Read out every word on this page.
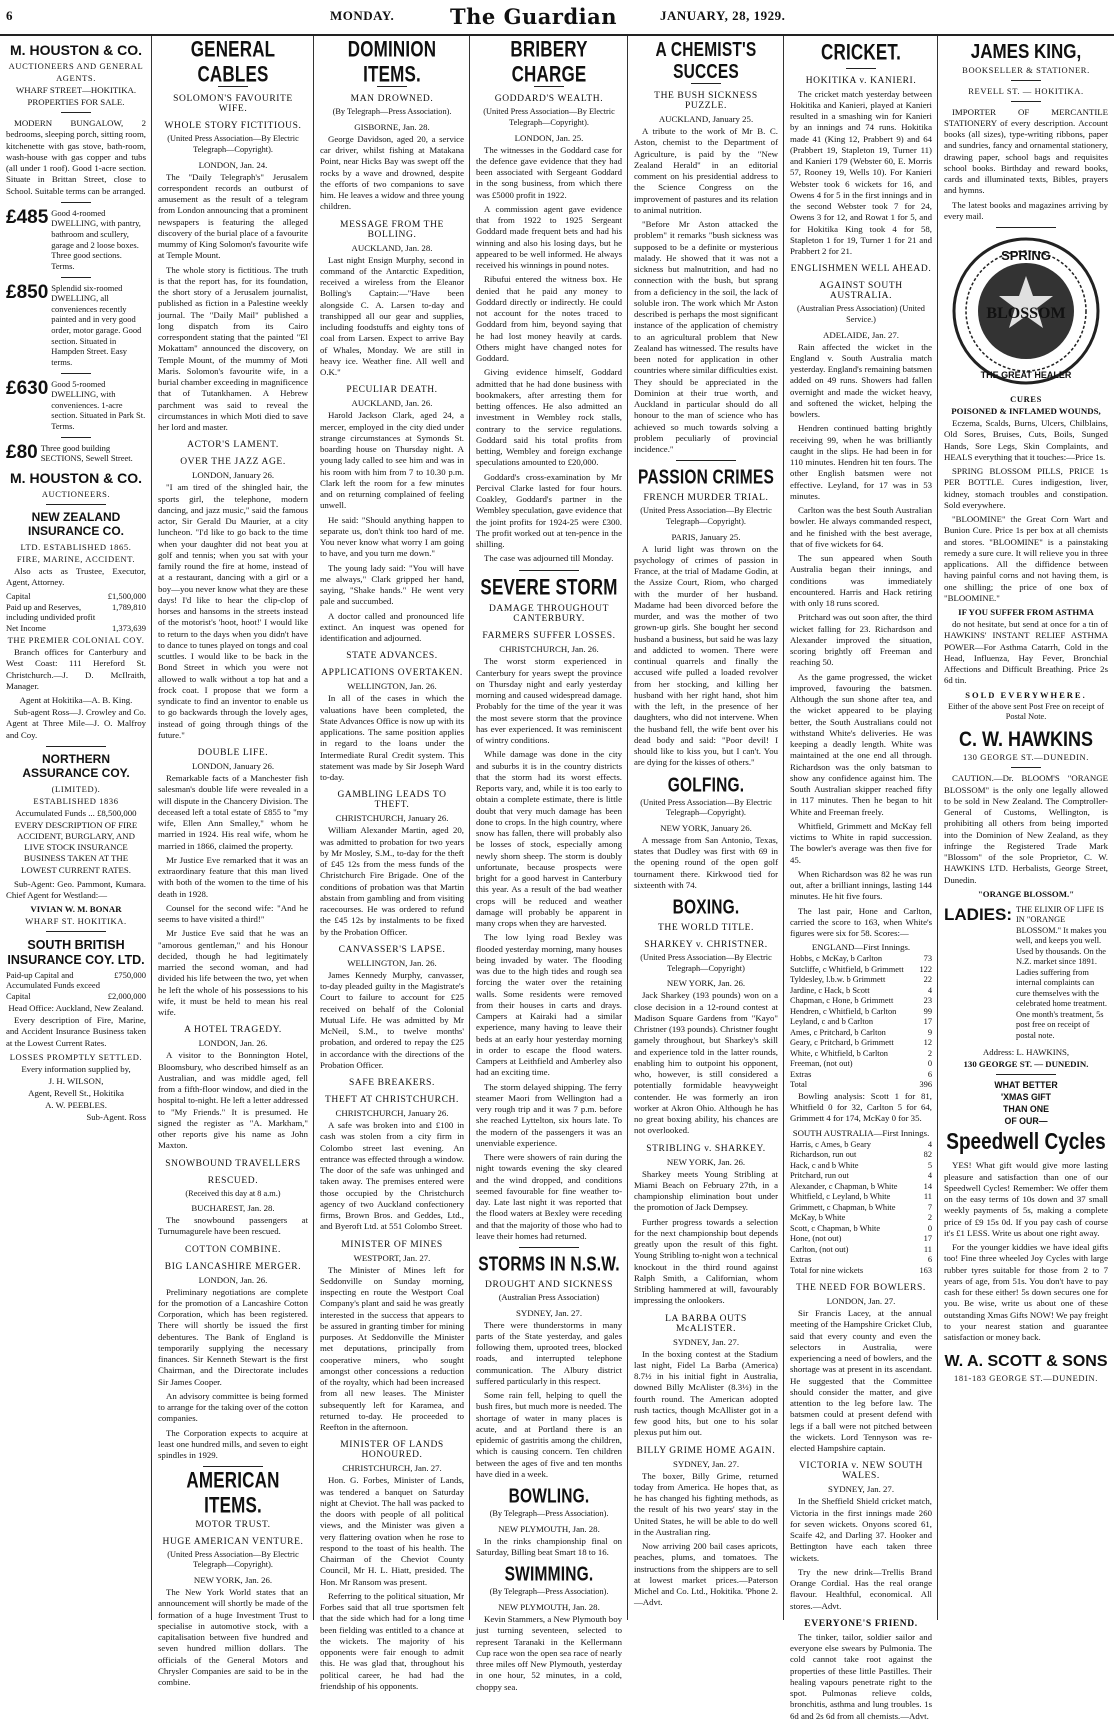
6	MONDAY.	The Guardian	JANUARY, 28, 1929.
M. HOUSTON & CO.
AUCTIONEERS AND GENERAL
AGENTS.
WHARF STREET—HOKITIKA.
PROPERTIES FOR SALE.

MODERN BUNGALOW, 2 bedrooms, sleeping porch, sitting room, kitchenette with gas stove, bath-room, wash-house with gas copper and tubs (all under 1 roof). Good 1-acre section. Situate in Brittan Street, close to School. Suitable terms can be arranged.

£485 Good 4-roomed DWELLING, with pantry, bathroom and scullery, garage and 2 loose boxes. Three good sections. Terms.
£850 Splendid six-roomed DWELLING, all conveniences recently painted and in very good order, motor garage. Good section. Situated in Hampden Street. Easy terms.
£630 Good 5-roomed DWELLING, with conveniences. 1-acre section. Situated in Park St. Terms.
£80 Three good building SECTIONS, Sewell Street.
M. HOUSTON & CO.
AUCTIONEERS.
NEW ZEALAND INSURANCE CO.
LTD. ESTABLISHED 1865.
FIRE, MARINE, ACCIDENT.

Also acts as Trustee, Executor, Agent, Attorney.

Capital	£1,500,000
Paid up and Reserves, including undivided profit
1,789,810
Net Income	1,373,639
THE PREMIER COLONIAL COY.

Branch offices for Canterbury and West Coast: 111 Hereford St. Christchurch.—J. D. McIlraith, Manager.

Agent at Hokitika—A. B. King.

Sub-agent Ross—J. Crowley and Co. Agent at Three Mile—J. O. Malfroy and Coy.

NORTHERN ASSURANCE COY.
(LIMITED).
ESTABLISHED 1836
Accumulated Funds ... £8,500,000

EVERY DESCRIPTION OF FIRE ACCIDENT, BURGLARY, AND LIVE STOCK INSURANCE BUSINESS TAKEN AT THE LOWEST CURRENT RATES.

Sub-Agent: Geo. Pammont, Kumara. Chief Agent for Westland:—

VIVIAN W. M. BONAR
WHARF ST. HOKITIKA.
SOUTH BRITISH INSURANCE COY. LTD.
Paid-up Capital and Accumulated Funds exceed
£750,000
Capital	£2,000,000
Head Office: Auckland, New Zealand.

Every description of Fire, Marine, and Accident Insurance Business taken at the Lowest Current Rates.

LOSSES PROMPTLY SETTLED.
Every information supplied by,
J. H. WILSON,
Agent, Revell St., Hokitika
A. W. PEEBLES.
Sub-Agent. Ross
GENERAL CABLES
SOLOMON'S FAVOURITE WIFE.
WHOLE STORY FICTITIOUS.

(United Press Association—By Electric Telegraph—Copyright).

LONDON, Jan. 24.

The "Daily Telegraph's" Jerusalem correspondent records an outburst of amusement as the result of a telegram from London announcing that a prominent newspapers is featuring the alleged discovery of the burial place of a favourite mummy of King Solomon's favourite wife at Temple Mount.

The whole story is fictitious. The truth is that the report has, for its foundation, the short story of a Jerusalem journalist, published as fiction in a Palestine weekly journal. The "Daily Mail" published a long dispatch from its Cairo correspondent stating that the painted "El Mokattam" announced the discovery, on Temple Mount, of the mummy of Moti Maris. Solomon's favourite wife, in a burial chamber exceeding in magnificence that of Tutankhamen. A Hebrew parchment was said to reveal the circumstances in which Moti died to save her lord and master.

ACTOR'S LAMENT.
OVER THE JAZZ AGE.
LONDON, January 26.

"I am tired of the shingled hair, the sports girl, the telephone, modern dancing, and jazz music," said the famous actor, Sir Gerald Du Maurier, at a city luncheon. "I'd like to go back to the time when your daughter did not beat you at golf and tennis; when you sat with your family round the fire at home, instead of at a restaurant, dancing with a girl or a boy—you never know what they are these days! I'd like to hear the clip-clop of horses and hansoms in the streets instead of the motorist's 'hoot, hoot!' I would like to return to the days when you didn't have to dance to tunes played on tongs and coal scuttles. I would like to be back in the Bond Street in which you were not allowed to walk without a top hat and a frock coat. I propose that we form a syndicate to find an inventor to enable us to go backwards through the lovely ages, instead of going through things of the future."

DOUBLE LIFE.
LONDON, January 26.

Remarkable facts of a Manchester fish salesman's double life were revealed in a will dispute in the Chancery Division. The deceased left a total estate of £855 to "my wife, Ellen Ann Smalley," whom he married in 1924. His real wife, whom he married in 1866, claimed the property.

Mr Justice Eve remarked that it was an extraordinary feature that this man lived with both of the women to the time of his death in 1928.

Counsel for the second wife: "And he seems to have visited a third!"

Mr Justice Eve said that he was an "amorous gentleman," and his Honour decided, though he had legitimately married the second woman, and had divided his life between the two, yet when he left the whole of his possessions to his wife, it must be held to mean his real wife.

A HOTEL TRAGEDY.
LONDON, Jan. 26.

A visitor to the Bonnington Hotel, Bloomsbury, who described himself as an Australian, and was middle aged, fell from a fifth-floor window, and died in the hospital to-night. He left a letter addressed to "My Friends." It is presumed. He signed the register as "A. Markham," other reports give his name as John Maxton.

SNOWBOUND TRAVELLERS
RESCUED.

(Received this day at 8 a.m.)

BUCHAREST, Jan. 28.

The snowbound passengers at Turnumagurele have been rescued.

COTTON COMBINE.
BIG LANCASHIRE MERGER.
LONDON, Jan. 26.

Preliminary negotiations are complete for the promotion of a Lancashire Cotton Corporation, which has been registered. There will shortly be issued the first debentures. The Bank of England is temporarily supplying the necessary finances. Sir Kenneth Stewart is the first Chairman, and the Directorate includes Sir James Cooper.

An advisory committee is being formed to arrange for the taking over of the cotton companies.

The Corporation expects to acquire at least one hundred mills, and seven to eight spindles in 1929.

AMERICAN ITEMS.
MOTOR TRUST.
HUGE AMERICAN VENTURE.

(United Press Association—By Electric Telegraph—Copyright).

NEW YORK, Jan. 26.

The New York World states that an announcement will shortly be made of the formation of a huge Investment Trust to specialise in automotive stock, with a capitalisation between five hundred and seven hundred million dollars. The officials of the General Motors and Chrysler Companies are said to be in the combine.

DOMINION ITEMS.
MAN DROWNED.

(By Telegraph—Press Association).

GISBORNE, Jan. 28.

George Davidson, aged 20, a service car driver, whilst fishing at Matakana Point, near Hicks Bay was swept off the rocks by a wave and drowned, despite the efforts of two companions to save him. He leaves a widow and three young children.

MESSAGE FROM THE BOLLING.
AUCKLAND, Jan. 28.

Last night Ensign Murphy, second in command of the Antarctic Expedition, received a wireless from the Eleanor Bolling's Captain:—"Have been alongside C. A. Larsen to-day and transhipped all our gear and supplies, including foodstuffs and eighty tons of coal from Larsen. Expect to arrive Bay of Whales, Monday. We are still in heavy ice. Weather fine. All well and O.K."

PECULIAR DEATH.
AUCKLAND, Jan. 26.

Harold Jackson Clark, aged 24, a mercer, employed in the city died under strange circumstances at Symonds St. boarding house on Thursday night. A young lady called to see him and was in his room with him from 7 to 10.30 p.m. Clark left the room for a few minutes and on returning complained of feeling unwell.

He said: "Should anything happen to separate us, don't think too hard of me. You never know what worry I am going to have, and you turn me down."

The young lady said: "You will have me always," Clark gripped her hand, saying, "Shake hands." He went very pale and succumbed.

A doctor called and pronounced life extinct. An inquest was opened for identification and adjourned.

STATE ADVANCES.
APPLICATIONS OVERTAKEN.
WELLINGTON, Jan. 26.

In all of the cases in which the valuations have been completed, the State Advances Office is now up with its applications. The same position applies in regard to the loans under the Intermediate Rural Credit system. This statement was made by Sir Joseph Ward to-day.

GAMBLING LEADS TO THEFT.
CHRISTCHURCH, January 26.

William Alexander Martin, aged 20, was admitted to probation for two years by Mr Mosley, S.M., to-day for the theft of £45 12s from the mess funds of the Christchurch Fire Brigade. One of the conditions of probation was that Martin abstain from gambling and from visiting racecourses. He was ordered to refund the £45 12s by instalments to be fixed by the Probation Officer.

CANVASSER'S LAPSE.
WELLINGTON, Jan. 26.

James Kennedy Murphy, canvasser, to-day pleaded guilty in the Magistrate's Court to failure to account for £25 received on behalf of the Colonial Mutual Life. He was admitted by Mr McNeil, S.M., to twelve months' probation, and ordered to repay the £25 in accordance with the directions of the Probation Officer.

SAFE BREAKERS.
THEFT AT CHRISTCHURCH.
CHRISTCHURCH, January 26.

A safe was broken into and £100 in cash was stolen from a city firm in Colombo street last evening. An entrance was effected through a window. The door of the safe was unhinged and taken away. The premises entered were those occupied by the Christchurch agency of two Auckland confectionery firms, Brown Bros. and Geddes, Ltd., and Byeroft Ltd. at 551 Colombo Street.

MINISTER OF MINES
WESTPORT, Jan. 27.

The Minister of Mines left for Seddonville on Sunday morning, inspecting en route the Westport Coal Company's plant and said he was greatly interested in the success that appears to be assured in granting timber for mining purposes. At Seddonville the Minister met deputations, principally from cooperative miners, who sought amongst other concessions a reduction of the royalty, which had been increased from all new leases. The Minister subsequently left for Karamea, and returned to-day. He proceeded to Reefton in the afternoon.

MINISTER OF LANDS HONOURED.
CHRISTCHURCH, Jan. 27.

Hon. G. Forbes, Minister of Lands, was tendered a banquet on Saturday night at Cheviot. The hall was packed to the doors with people of all political views, and the Minister was given a very flattering ovation when he rose to respond to the toast of his health. The Chairman of the Cheviot County Council, Mr H. L. Hiatt, presided. The Hon. Mr Ransom was present.

Referring to the political situation, Mr Forbes said that all true sportsmen felt that the side which had for a long time been fielding was entitled to a chance at the wickets. The majority of his opponents were fair enough to admit this. He was glad that, throughout his political career, he had had the friendship of his opponents.

BRIBERY CHARGE
GODDARD'S WEALTH.

(United Press Association—By Electric Telegraph—Copyright).

LONDON, Jan. 25.

The witnesses in the Goddard case for the defence gave evidence that they had been associated with Sergeant Goddard in the song business, from which there was £5000 profit in 1922.

A commission agent gave evidence that from 1922 to 1925 Sergeant Goddard made frequent bets and had his winning and also his losing days, but he appeared to be well informed. He always received his winnings in pound notes.

Ribufui entered the witness box. He denied that he paid any money to Goddard directly or indirectly. He could not account for the notes traced to Goddard from him, beyond saying that he had lost money heavily at cards. Others might have changed notes for Goddard.

Giving evidence himself, Goddard admitted that he had done business with bookmakers, after arresting them for betting offences. He also admitted an investment in Wembley rock stalls, contrary to the service regulations. Goddard said his total profits from betting, Wembley and foreign exchange speculations amounted to £20,000.

Goddard's cross-examination by Mr Percival Clarke lasted for four hours. Coakley, Goddard's partner in the Wembley speculation, gave evidence that the joint profits for 1924-25 were £300. The profit worked out at ten-pence in the shilling.

The case was adjourned till Monday.

SEVERE STORM
DAMAGE THROUGHOUT CANTERBURY.
FARMERS SUFFER LOSSES.
CHRISTCHURCH, Jan. 26.

The worst storm experienced in Canterbury for years swept the province on Thursday night and early yesterday morning and caused widespread damage. Probably for the time of the year it was the most severe storm that the province has ever experienced. It was reminiscent of wintry conditions.

While damage was done in the city and suburbs it is in the country districts that the storm had its worst effects. Reports vary, and, while it is too early to obtain a complete estimate, there is little doubt that very much damage has been done to crops. In the high country, where snow has fallen, there will probably also be losses of stock, especially among newly shorn sheep. The storm is doubly unfortunate, because prospects were bright for a good harvest in Canterbury this year. As a result of the bad weather crops will be reduced and weather damage will probably be apparent in many crops when they are harvested.

The low lying road Bexley was flooded yesterday morning, many houses being invaded by water. The flooding was due to the high tides and rough sea forcing the water over the retaining walls. Some residents were removed from their houses in carts and drays. Campers at Kairaki had a similar experience, many having to leave their beds at an early hour yesterday morning in order to escape the flood waters. Campers at Leithfield and Amberley also had an exciting time.

The storm delayed shipping. The ferry steamer Maori from Wellington had a very rough trip and it was 7 p.m. before she reached Lyttelton, six hours late. To the modern of the passengers it was an unenviable experience.

There were showers of rain during the night towards evening the sky cleared and the wind dropped, and conditions seemed favourable for fine weather to-day. Late last night it was reported that the flood waters at Bexley were receding and that the majority of those who had to leave their homes had returned.

STORMS IN N.S.W.
DROUGHT AND SICKNESS

(Australian Press Association)

SYDNEY, Jan. 27.

There were thunderstorms in many parts of the State yesterday, and gales following them, uprooted trees, blocked roads, and interrupted telephone communication. The Albury district suffered particularly in this respect.

Some rain fell, helping to quell the bush fires, but much more is needed. The shortage of water in many places is acute, and at Portland there is an epidemic of gastritis among the children, which is causing concern. Ten children between the ages of five and ten months have died in a week.

BOWLING.

(By Telegraph—Press Association).

NEW PLYMOUTH, Jan. 28.

In the rinks championship final on Saturday, Billing beat Smart 18 to 16.

SWIMMING.

(By Telegraph—Press Association).

NEW PLYMOUTH, Jan. 28.

Kevin Stammers, a New Plymouth boy just turning seventeen, selected to represent Taranaki in the Kellermann Cup race won the open sea race of nearly three miles off New Plymouth, yesterday in one hour, 52 minutes, in a cold, choppy sea.

A CHEMIST'S SUCCES
THE BUSH SICKNESS PUZZLE.
AUCKLAND, January 25.

A tribute to the work of Mr B. C. Aston, chemist to the Department of Agriculture, is paid by the "New Zealand Herald" in an editorial comment on his presidential address to the Science Congress on the improvement of pastures and its relation to animal nutrition.

"Before Mr Aston attacked the problem" it remarks "bush sickness was supposed to be a definite or mysterious malady. He showed that it was not a sickness but malnutrition, and had no connection with the bush, but sprang from a deficiency in the soil, the lack of soluble iron. The work which Mr Aston described is perhaps the most significant instance of the application of chemistry to an agricultural problem that New Zealand has witnessed. The results have been noted for application in other countries where similar difficulties exist. They should be appreciated in the Dominion at their true worth, and Auckland in particular should do all honour to the man of science who has achieved so much towards solving a problem peculiarly of provincial incidence."

PASSION CRIMES
FRENCH MURDER TRIAL.

(United Press Association—By Electric Telegraph—Copyright).

PARIS, January 25.

A lurid light was thrown on the psychology of crimes of passion in France, at the trial of Madame Godin, at the Assize Court, Riom, who charged with the murder of her husband. Madame had been divorced before the murder, and was the mother of two grown-up girls. She bought her second husband a business, but said he was lazy and addicted to women. There were continual quarrels and finally the accused wife pulled a loaded revolver from her stocking, and killing her husband with her right hand, shot him with the left, in the presence of her daughters, who did not intervene. When the husband fell, the wife bent over his dead body and said: "Poor devil! I should like to kiss you, but I can't. You are dying for the kisses of others."

GOLFING.

(United Press Association—By Electric Telegraph—Copyright).

NEW YORK, January 26.

A message from San Antonio, Texas, states that Dudley was first with 69 in the opening round of the open golf tournament there. Kirkwood tied for sixteenth with 74.

BOXING.
THE WORLD TITLE.
SHARKEY v. CHRISTNER.

(United Press Association—By Electric Telegraph—Copyright)

NEW YORK, Jan. 26.

Jack Sharkey (193 pounds) won on a close decision in a 12-round contest at Madison Square Gardens from "Kayo" Christner (193 pounds). Christner fought gamely throughout, but Sharkey's skill and experience told in the latter rounds, enabling him to outpoint his opponent, who, however, is still considered a potentially formidable heavyweight contender. He was formerly an iron worker at Akron Ohio. Although he has no great boxing ability, his chances are not overlooked.

STRIBLING v. SHARKEY.
NEW YORK, Jan. 26.

Sharkey meets Young Stribling at Miami Beach on February 27th, in a championship elimination bout under the promotion of Jack Dempsey.

Further progress towards a selection for the next championship bout depends greatly upon the result of this fight. Young Stribling to-night won a technical knockout in the third round against Ralph Smith, a Californian, whom Stribling hammered at will, favourably impressing the onlookers.

LA BARBA OUTS McALISTER.
SYDNEY, Jan. 27.

In the boxing contest at the Stadium last night, Fidel La Barba (America) 8.7½ in his initial fight in Australia, downed Billy McAlister (8.3½) in the fourth round. The American adopted rush tactics, though McAllister got in a few good hits, but one to his solar plexus put him out.

BILLY GRIME HOME AGAIN.
SYDNEY, Jan. 27.

The boxer, Billy Grime, returned today from America. He hopes that, as he has changed his fighting methods, as the result of his two years' stay in the United States, he will be able to do well in the Australian ring.

Now arriving 200 bail cases apricots, peaches, plums, and tomatoes. The instructions from the shippers are to sell at lowest market prices.—Paterson Michel and Co. Ltd., Hokitika. 'Phone 2.—Advt.

CRICKET.
HOKITIKA v. KANIERI.

The cricket match yesterday between Hokitika and Kanieri, played at Kanieri resulted in a smashing win for Kanieri by an innings and 74 runs. Hokitika made 41 (King 12, Prabbert 9) and 64 (Prabbert 19, Stapleton 19, Turner 11) and Kanieri 179 (Webster 60, E. Morris 57, Rooney 19, Wells 10). For Kanieri Webster took 6 wickets for 16, and Owens 4 for 5 in the first innings and in the second Webster took 7 for 24, Owens 3 for 12, and Rowat 1 for 5, and for Hokitika King took 4 for 58, Stapleton 1 for 19, Turner 1 for 21 and Prabbert 2 for 21.

ENGLISHMEN WELL AHEAD.
AGAINST SOUTH AUSTRALIA.

(Australian Press Association) (United Service.)

ADELAIDE, Jan. 27.

Rain affected the wicket in the England v. South Australia match yesterday. England's remaining batsmen added on 49 runs. Showers had fallen overnight and made the wicket heavy, and softened the wicket, helping the bowlers.

Hendren continued batting brightly receiving 99, when he was brilliantly caught in the slips. He had been in for 110 minutes. Hendren hit ten fours. The other English batsmen were not effective. Leyland, for 17 was in 53 minutes.

Carlton was the best South Australian bowler. He always commanded respect, and he finished with the best average, that of five wickets for 64.

The sun appeared when South Australia began their innings, and conditions was immediately encountered. Harris and Hack retiring with only 18 runs scored.

Pritchard was out soon after, the third wicket falling for 23. Richardson and Alexander improved the situation, scoring brightly off Freeman and reaching 50.

As the game progressed, the wicket improved, favouring the batsmen. Although the sun shone after tea, and the wicket appeared to be playing better, the South Australians could not withstand White's deliveries. He was keeping a deadly length. White was maintained at the one end all through. Richardson was the only batsman to show any confidence against him. The South Australian skipper reached fifty in 117 minutes. Then he began to hit White and Freeman freely.

Whitfield, Grimmett and McKay fell victims to White in rapid succession. The bowler's average was then five for 45.

When Richardson was 82 he was run out, after a brilliant innings, lasting 144 minutes. He hit five fours.

The last pair, Hone and Carlton, carried the score to 163, when White's figures were six for 58. Scores:—

ENGLAND—First Innings.
Hobbs, c McKay, b Carlton	73
Sutcliffe, c Whitfield, b Grimmett 122
Tyldesley, l.b.w. b Grimmett	22
Jardine, c Hack, b Scott	4
Chapman, c Hone, b Grimmett	23
Hendren, c Whitfield, b Carlton	99
Leyland, c and b Carlton	17
Ames, c Pritchard, b Carlton	9
Geary, c Pritchard, b Grimmett	12
White, c Whitfield, b Carlton	2
Freeman, (not out)	0
Extras	6
Total	396

Bowling analysis: Scott 1 for 81, Whitfield 0 for 32, Carlton 5 for 64, Grimmett 4 for 174, McKay 0 for 35.

SOUTH AUSTRALIA—First Innings.
Harris, c Ames, b Geary	4
Richardson, run out	82
Hack, c and b White	5
Pritchard, run out	4
Alexander, c Chapman, b White	14
Whitfield, c Leyland, b White	11
Grimmett, c Chapman, b White	7
McKay, b White	2
Scott, c Chapman, b White	0
Hone, (not out)	17
Carlton, (not out)	11
Extras	6
Total for nine wickets	163
THE NEED FOR BOWLERS.
LONDON, Jan. 27.

Sir Francis Lacey, at the annual meeting of the Hampshire Cricket Club, said that every county and even the selectors in Australia, were experiencing a need of bowlers, and the shortage was at present in its ascendant. He suggested that the Committee should consider the matter, and give attention to the leg before law. The batsmen could at present defend with legs if a ball were not pitched between the wickets. Lord Tennyson was re-elected Hampshire captain.

VICTORIA v. NEW SOUTH WALES.
SYDNEY, Jan. 27.

In the Sheffield Shield cricket match, Victoria in the first innings made 260 for seven wickets. Onyons scored 61, Scaife 42, and Darling 37. Hooker and Bettington have each taken three wickets.

Try the new drink—Trellis Brand Orange Cordial. Has the real orange flavour. Healthful, economical. All stores.—Advt.

EVERYONE'S FRIEND.

The tinker, tailor, soldier sailor and everyone else swears by Pulmonia. The cold cannot take root against the properties of these little Pastilles. Their healing vapours penetrate right to the spot. Pulmonas relieve colds, bronchitis, asthma and lung troubles. 1s 6d and 2s 6d from all chemists.—Advt.

JAMES KING,
BOOKSELLER & STATIONER.
REVELL ST. — HOKITIKA.

IMPORTER OF MERCANTILE STATIONERY of every description. Account books (all sizes), type-writing ribbons, paper and sundries, fancy and ornamental stationery, drawing paper, school bags and requisites school books. Birthday and reward books, cards and illuminated texts, Bibles, prayers and hymns.

The latest books and magazines arriving by every mail.

SPRING
BLOSSOM
THE GREAT HEALER
CURES
POISONED & INFLAMED WOUNDS,

Eczema, Scalds, Burns, Ulcers, Chilblains, Old Sores, Bruises, Cuts, Boils, Sunged Hands, Sore Legs, Skin Complaints, and HEALS everything that it touches:—Price 1s.

SPRING BLOSSOM PILLS, PRICE 1s PER BOTTLE. Cures indigestion, liver, kidney, stomach troubles and constipation. Sold everywhere.

"BLOOMINE" the Great Corn Wart and Bunion Cure. Price 1s per box at all chemists and stores. "BLOOMINE" is a painstaking remedy a sure cure. It will relieve you in three applications. All the diffidence between having painful corns and not having them, is one shilling; the price of one box of "BLOOMINE."

IF YOU SUFFER FROM ASTHMA

do not hesitate, but send at once for a tin of HAWKINS' INSTANT RELIEF ASTHMA POWER—For Asthma Catarrh, Cold in the Head, Influenza, Hay Fever, Bronchial Affections and Difficult Breathing. Price 2s 6d tin.

SOLD EVERYWHERE.

Either of the above sent Post Free on receipt of Postal Note.

C. W. HAWKINS
130 GEORGE ST.—DUNEDIN.

CAUTION.—Dr. BLOOM'S "ORANGE BLOSSOM" is the only one legally allowed to be sold in New Zealand. The Comptroller-General of Customs, Wellington, is prohibiting all others from being imported into the Dominion of New Zealand, as they infringe the Registered Trade Mark "Blossom" of the sole Proprietor, C. W. HAWKINS LTD. Herbalists, George Street, Dunedin.

"ORANGE BLOSSOM."
LADIES: THE ELIXIR OF LIFE IS IN "ORANGE BLOSSOM." It makes you well, and keeps you well. Used by thousands. On the N.Z. market since 1891. Ladies suffering from internal complaints can cure themselves with the celebrated home treatment. One month's treatment, 5s post free on receipt of postal note.
Address: L. HAWKINS,
130 GEORGE ST. — DUNEDIN.
WHAT BETTER
'XMAS GIFT
THAN ONE
OF OUR—
Speedwell Cycles

YES! What gift would give more lasting pleasure and satisfaction than one of our Speedwell Cycles! Remember: We offer them on the easy terms of 10s down and 37 small weekly payments of 5s, making a complete price of £9 15s 0d. If you pay cash of course it's £1 LESS. Write us about one right away.

For the younger kiddies we have ideal gifts too! Fine three wheeled Joy Cycles with large rubber tyres suitable for those from 2 to 7 years of age, from 51s. You don't have to pay cash for these either! 5s down secures one for you. Be wise, write us about one of these outstanding Xmas Gifts NOW! We pay freight to your nearest station and guarantee satisfaction or money back.

W. A. SCOTT & SONS
181-183 GEORGE ST.—DUNEDIN.
